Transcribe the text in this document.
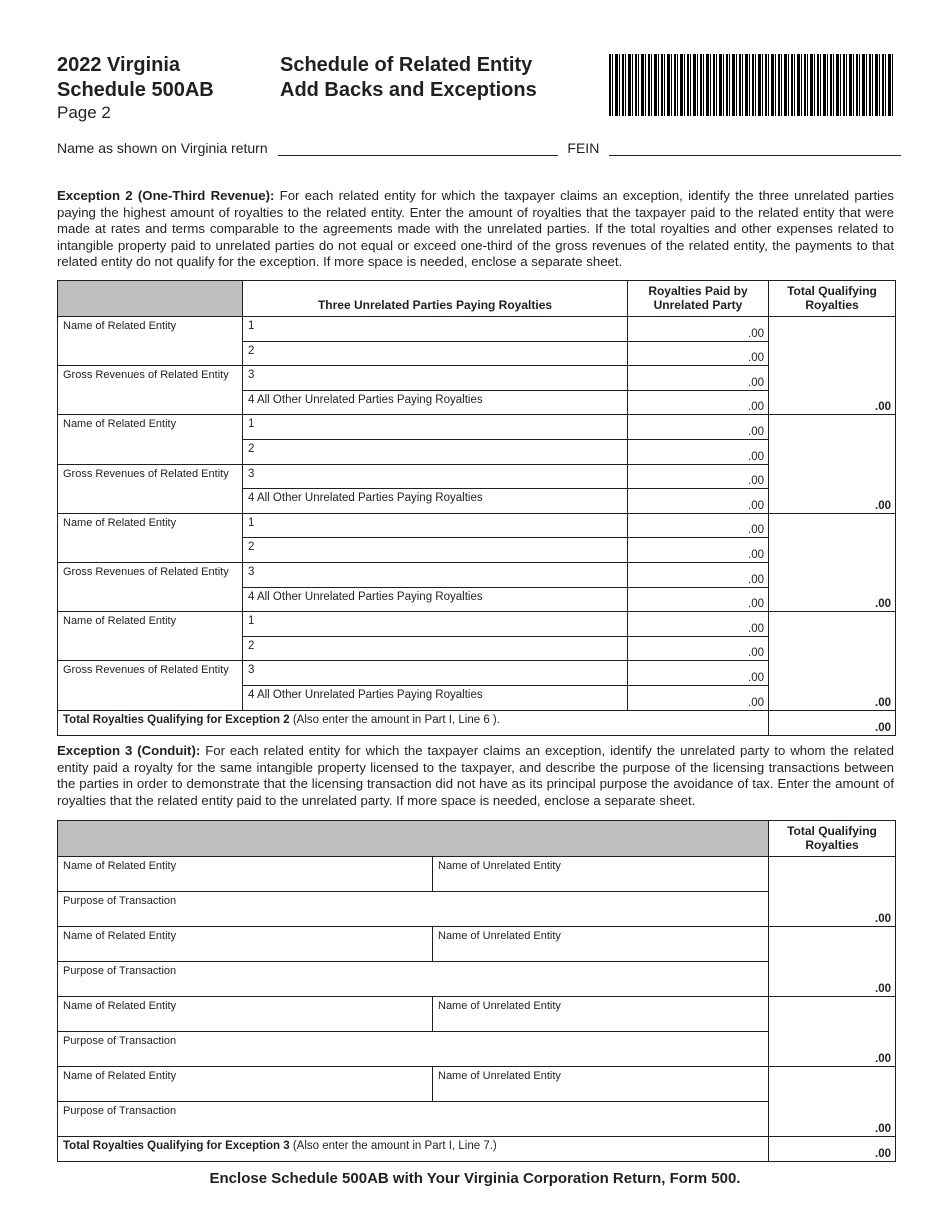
2022 Virginia
Schedule 500AB
Page 2
Schedule of Related Entity
Add Backs and Exceptions
Name as shown on Virginia return	FEIN
Exception 2 (One-Third Revenue): For each related entity for which the taxpayer claims an exception, identify the three unrelated parties paying the highest amount of royalties to the related entity. Enter the amount of royalties that the taxpayer paid to the related entity that were made at rates and terms comparable to the agreements made with the unrelated parties. If the total royalties and other expenses related to intangible property paid to unrelated parties do not equal or exceed one-third of the gross revenues of the related entity, the payments to that related entity do not qualify for the exception. If more space is needed, enclose a separate sheet.
	Three Unrelated Parties Paying Royalties	Royalties Paid by Unrelated Party	Total Qualifying Royalties
Name of Related Entity	1	.00	.00
	2	.00	
Gross Revenues of Related Entity	3	.00	
	4 All Other Unrelated Parties Paying Royalties	.00	
Name of Related Entity	1	.00	.00
	2	.00	
Gross Revenues of Related Entity	3	.00	
	4 All Other Unrelated Parties Paying Royalties	.00	
Name of Related Entity	1	.00	.00
	2	.00	
Gross Revenues of Related Entity	3	.00	
	4 All Other Unrelated Parties Paying Royalties	.00	
Name of Related Entity	1	.00	.00
	2	.00	
Gross Revenues of Related Entity	3	.00	
	4 All Other Unrelated Parties Paying Royalties	.00	
Total Royalties Qualifying for Exception 2 (Also enter the amount in Part I, Line 6 ).			.00
Exception 3 (Conduit): For each related entity for which the taxpayer claims an exception, identify the unrelated party to whom the related entity paid a royalty for the same intangible property licensed to the taxpayer, and describe the purpose of the licensing transactions between the parties in order to demonstrate that the licensing transaction did not have as its principal purpose the avoidance of tax. Enter the amount of royalties that the related entity paid to the unrelated party. If more space is needed, enclose a separate sheet.
		Total Qualifying Royalties
Name of Related Entity	Name of Unrelated Entity	.00
Purpose of Transaction		
Name of Related Entity	Name of Unrelated Entity	.00
Purpose of Transaction		
Name of Related Entity	Name of Unrelated Entity	.00
Purpose of Transaction		
Name of Related Entity	Name of Unrelated Entity	.00
Purpose of Transaction		
Total Royalties Qualifying for Exception 3 (Also enter the amount in Part I, Line 7.)		.00
Enclose Schedule 500AB with Your Virginia Corporation Return, Form 500.
